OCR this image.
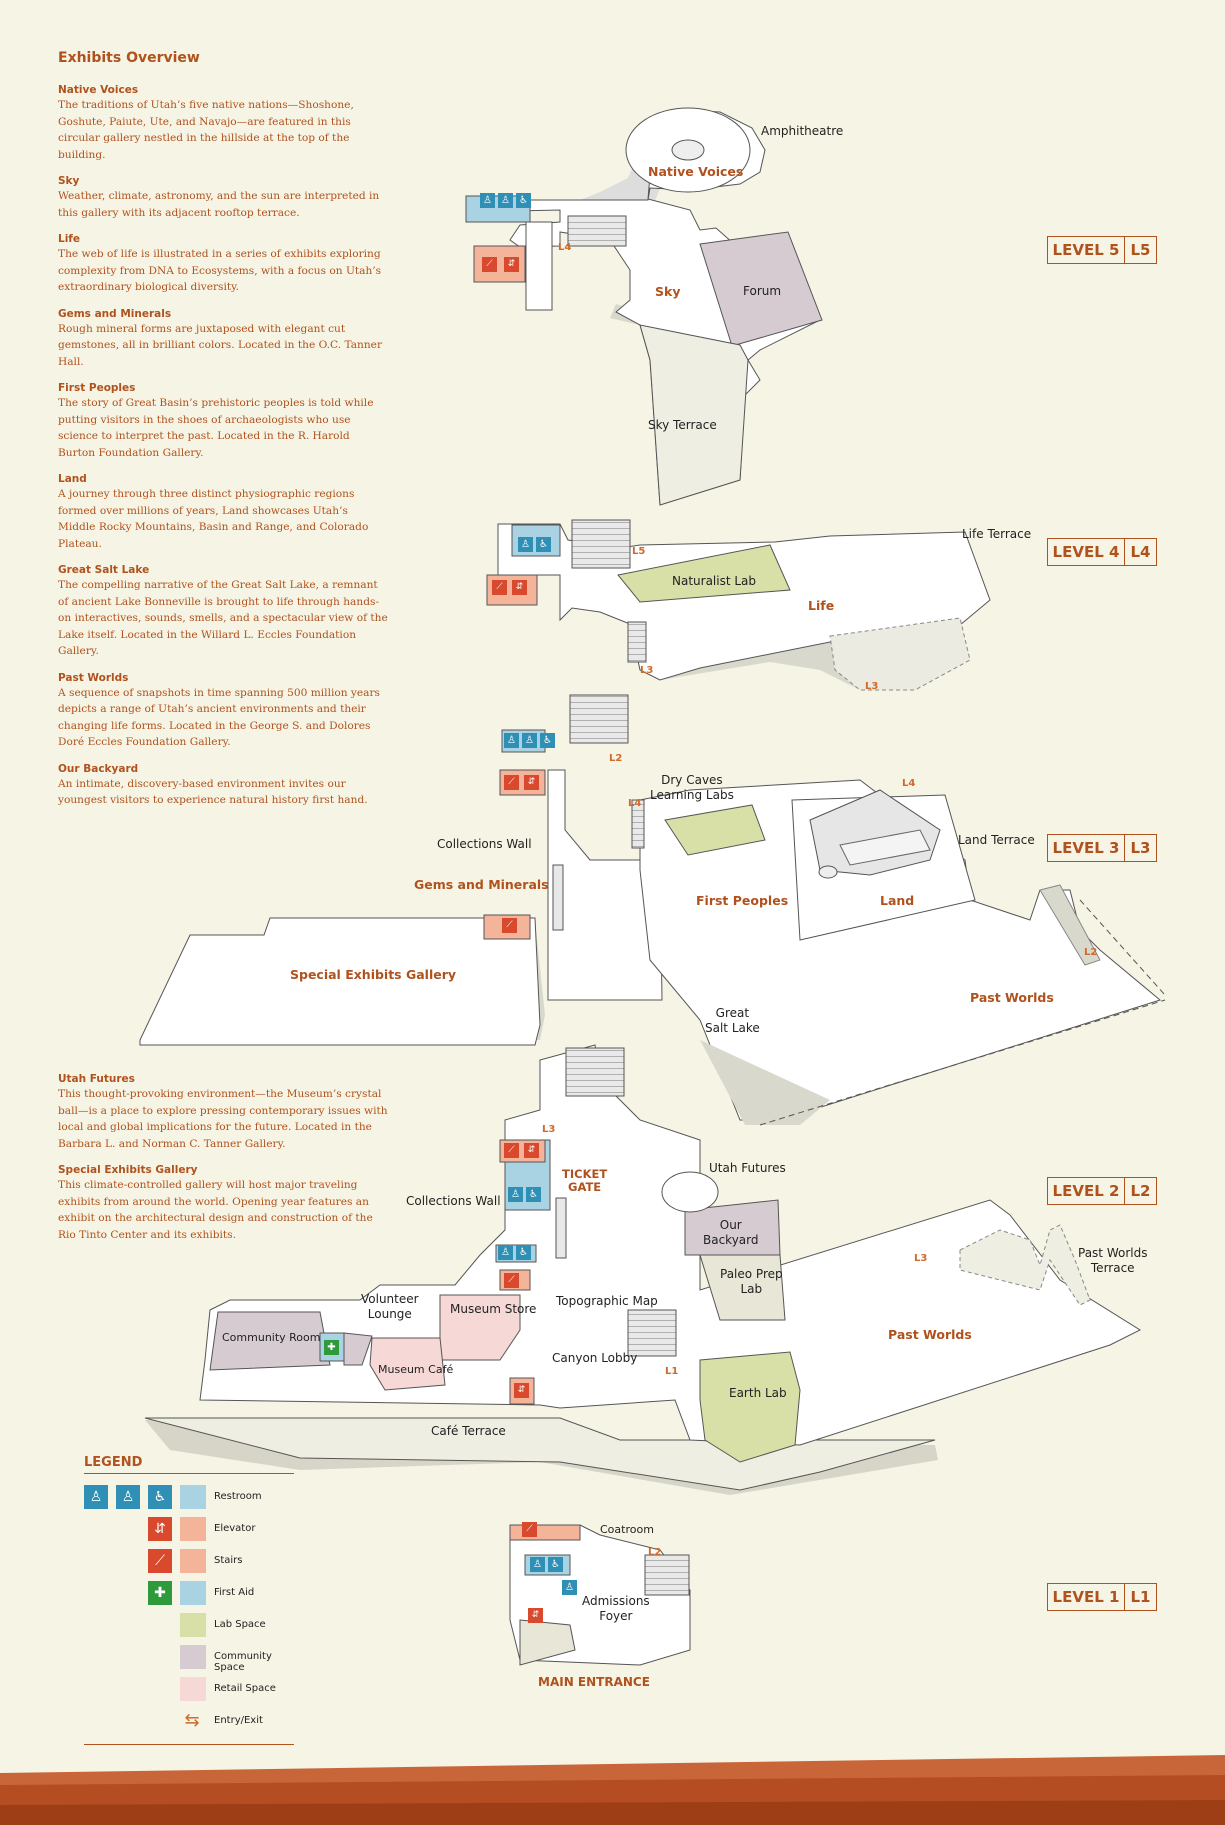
Exhibits Overview
Native Voices
The traditions of Utah’s five native nations—Shoshone, Goshute, Paiute, Ute, and Navajo—are featured in this circular gallery nestled in the hillside at the top of the building.
Sky
Weather, climate, astronomy, and the sun are interpreted in this gallery with its adjacent rooftop terrace.
Life
The web of life is illustrated in a series of exhibits exploring complexity from DNA to Ecosystems, with a focus on Utah’s extraordinary biological diversity.
Gems and Minerals
Rough mineral forms are juxtaposed with elegant cut gemstones, all in brilliant colors. Located in the O.C. Tanner Hall.
First Peoples
The story of Great Basin’s prehistoric peoples is told while putting visitors in the shoes of archaeologists who use science to interpret the past. Located in the R. Harold Burton Foundation Gallery.
Land
A journey through three distinct physiographic regions formed over millions of years, Land showcases Utah’s Middle Rocky Mountains, Basin and Range, and Colorado Plateau.
Great Salt Lake
The compelling narrative of the Great Salt Lake, a remnant of ancient Lake Bonneville is brought to life through hands-on interactives, sounds, smells, and a spectacular view of the Lake itself. Located in the Willard L. Eccles Foundation Gallery.
Past Worlds
A sequence of snapshots in time spanning 500 million years depicts a range of Utah’s ancient environments and their changing life forms. Located in the George S. and Dolores Doré Eccles Foundation Gallery.
Our Backyard
An intimate, discovery-based environment invites our youngest visitors to experience natural history first hand.
Utah Futures
This thought-provoking environment—the Museum’s crystal ball—is a place to explore pressing contemporary issues with local and global implications for the future. Located in the Barbara L. and Norman C. Tanner Gallery.
Special Exhibits Gallery
This climate-controlled gallery will host major traveling exhibits from around the world. Opening year features an exhibit on the architectural design and construction of the Rio Tinto Center and its exhibits.
LEVEL 5 L5
LEVEL 4 L4
LEVEL 3 L3
LEVEL 2 L2
LEVEL 1 L1
Amphitheatre
Native Voices
Sky	Forum
Sky Terrace
Life Terrace
Naturalist Lab
Life
Dry Caves
Learning Labs
Collections Wall
Gems and Minerals
First Peoples	Land
Land Terrace
Special Exhibits Gallery
Great
Salt Lake
Past Worlds
TICKET
GATE
Utah Futures
Collections Wall
Our
Backyard
Paleo Prep
Lab
Past Worlds
Terrace
Volunteer
Lounge	Museum Store
Topographic Map
Community Room	Past Worlds
Canyon Lobby
Museum Café
Earth Lab
Café Terrace
Coatroom
Admissions
Foyer
MAIN ENTRANCE
L4
L5
L3
L2
L4
L4
L3
L2
L3
L1
L2
L3
♙ ♙ ♿
⟋	⇵
♙ ♿
⟋	⇵
♙ ♙ ♿
⟋	⇵
⟋
⟋	⇵
♙ ♿
♙ ♿
⟋
⇵
✚
⟋
♙ ♿
♙
⇵
LEGEND
♙	♙	♿	Restroom
⇵	Elevator
⟋	Stairs
✚	First Aid
Lab Space
Community Space
Retail Space
⇆	Entry/Exit
